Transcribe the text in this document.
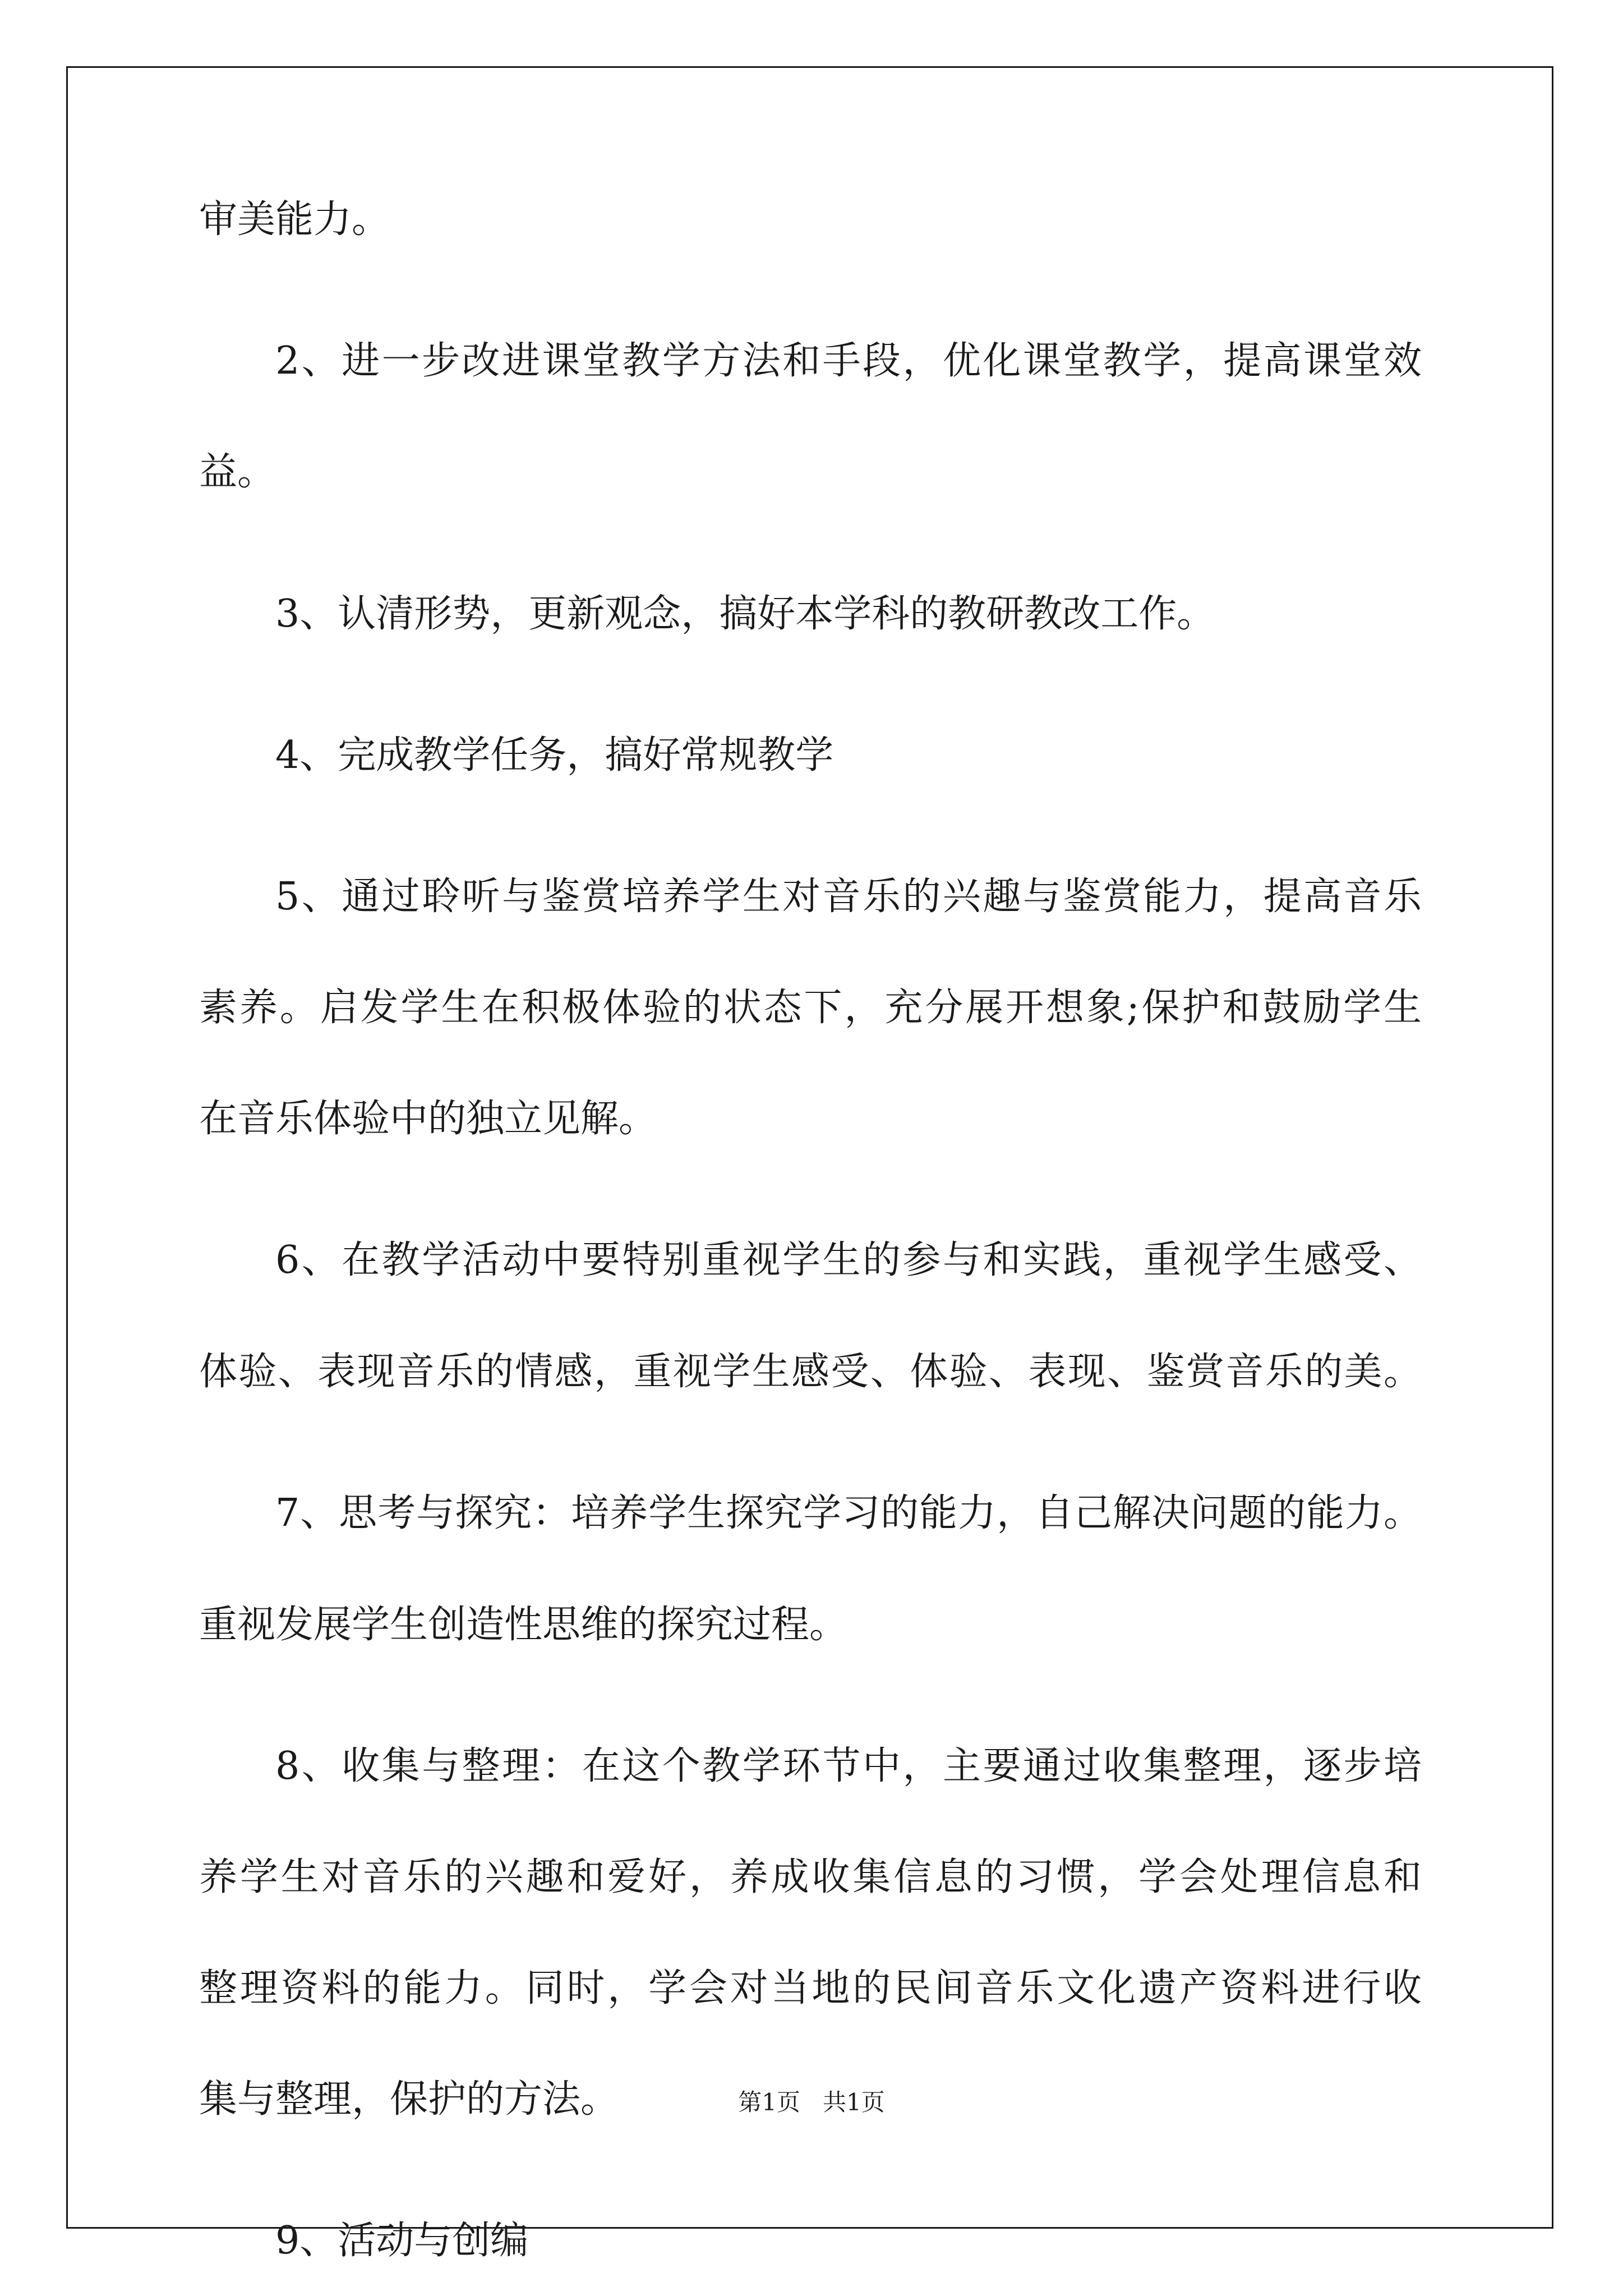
审美能力。
2、进一步改进课堂教学方法和手段，优化课堂教学，提高课堂效
益。
3、认清形势，更新观念，搞好本学科的教研教改工作。
4、完成教学任务，搞好常规教学
5、通过聆听与鉴赏培养学生对音乐的兴趣与鉴赏能力，提高音乐
素养。启发学生在积极体验的状态下，充分展开想象;保护和鼓励学生
在音乐体验中的独立见解。
6、在教学活动中要特别重视学生的参与和实践，重视学生感受、
体验、表现音乐的情感，重视学生感受、体验、表现、鉴赏音乐的美。
7、思考与探究：培养学生探究学习的能力，自己解决问题的能力。
重视发展学生创造性思维的探究过程。
8、收集与整理：在这个教学环节中，主要通过收集整理，逐步培
养学生对音乐的兴趣和爱好，养成收集信息的习惯，学会处理信息和
整理资料的能力。同时，学会对当地的民间音乐文化遗产资料进行收
集与整理，保护的方法。
9、活动与创编
第1页   共1页
